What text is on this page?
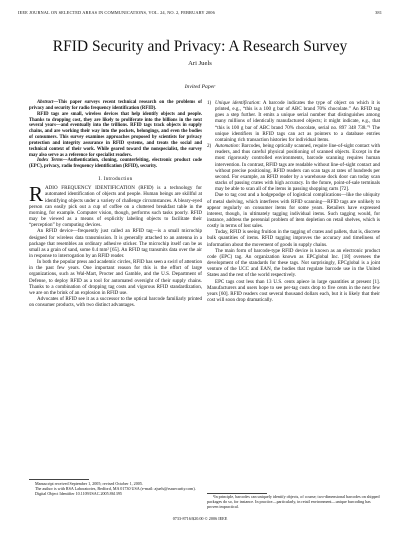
IEEE JOURNAL ON SELECTED AREAS IN COMMUNICATIONS, VOL. 24, NO. 2, FEBRUARY 2006	381
RFID Security and Privacy: A Research Survey
Ari Juels
Invited Paper

Abstract—This paper surveys recent technical research on the problems of privacy and security for radio frequency identification (RFID).

RFID tags are small, wireless devices that help identify objects and people. Thanks to dropping cost, they are likely to proliferate into the billions in the next several years—and eventually into the trillions. RFID tags track objects in supply chains, and are working their way into the pockets, belongings, and even the bodies of consumers. This survey examines approaches proposed by scientists for privacy protection and integrity assurance in RFID systems, and treats the social and technical context of their work. While geared toward the nonspecialist, the survey may also serve as a reference for specialist readers.

Index Terms—Authentication, cloning, counterfeiting, electronic product code (EPC), privacy, radio frequency identification (RFID), security.

I. Introduction

RADIO FREQUENCY IDENTIFICATION (RFID) is a technology for automated identification of objects and people. Human beings are skillful at identifying objects under a variety of challenge circumstances. A bleary-eyed person can easily pick out a cup of coffee on a cluttered breakfast table in the morning, for example. Computer vision, though, performs such tasks poorly. RFID may be viewed as a means of explicitly labeling objects to facilitate their “perception” by computing devices.

An RFID device—frequently just called an RFID tag—is a small microchip designed for wireless data transmission. It is generally attached to an antenna in a package that resembles an ordinary adhesive sticker. The microchip itself can be as small as a grain of sand, some 0.4 mm² [65]. An RFID tag transmits data over the air in response to interrogation by an RFID reader.

In both the popular press and academic circles, RFID has seen a swirl of attention in the past few years. One important reason for this is the effort of large organizations, such as Wal-Mart, Procter and Gamble, and the U.S. Department of Defense, to deploy RFID as a tool for automated oversight of their supply chains. Thanks to a combination of dropping tag costs and vigorous RFID standardization, we are on the brink of an explosion in RFID use.

Advocates of RFID see it as a successor to the optical barcode familiarly printed on consumer products, with two distinct advantages.

1) Unique identification: A barcode indicates the type of object on which it is printed, e.g., “this is a 100 g bar of ABC brand 70% chocolate.” An RFID tag goes a step further. It emits a unique serial number that distinguishes among many millions of identically manufactured objects; it might indicate, e.g., that “this is 100 g bar of ABC brand 70% chocolate, serial no. 897 348 738.”¹ The unique identifiers in RFID tags can act as pointers to a database entries containing rich transaction histories for individual items.

2) Automation: Barcodes, being optically scanned, require line-of-sight contact with readers, and thus careful physical positioning of scanned objects. Except in the most rigorously controlled environments, barcode scanning requires human intervention. In contrast, RFID tags are readable without line-of-sight contact and without precise positioning. RFID readers can scan tags at rates of hundreds per second. For example, an RFID reader by a warehouse dock door can today scan stacks of passing crates with high accuracy. In the future, point-of-sale terminals may be able to scan all of the items in passing shopping carts [72].

Due to tag cost and a hodgepodge of logistical complications—like the ubiquity of metal shelving, which interferes with RFID scanning—RFID tags are unlikely to appear regularly on consumer items for some years. Retailers have expressed interest, though, in ultimately tagging individual items. Such tagging would, for instance, address the perennial problem of item depletion on retail shelves, which is costly in terms of lost sales.

Today, RFID is seeing fruition in the tagging of crates and pallets, that is, discrete bulk quantities of items. RFID tagging improves the accuracy and timeliness of information about the movement of goods in supply chains.

The main form of barcode-type RFID device is known as an electronic product code (EPC) tag. An organization known as EPCglobal Inc. [18] oversees the development of the standards for these tags. Not surprisingly, EPCglobal is a joint venture of the UCC and EAN, the bodies that regulate barcode use in the United States and the rest of the world respectively.

EPC tags cost less than 13 U.S. cents apiece in large quantities at present [1]. Manufacturers and users hope to see per-tag costs drop to five cents in the next few years [60]. RFID readers cost several thousand dollars each, but it is likely that their cost will soon drop dramatically.

Manuscript received September 1, 2005; revised October 1, 2005.

The author is with RSA Laboratories, Bedford, MA 01730 USA (e-mail: ajuels@rsasecurity.com).

Digital Object Identifier 10.1109/JSAC.2005.861395

¹In principle, barcodes can uniquely identify objects, of course; two-dimensional barcodes on shipped packages do so, for instance. In practice—particularly, in retail environment—unique barcoding has proven impractical.

0733-8716/$20.00 © 2006 IEEE
